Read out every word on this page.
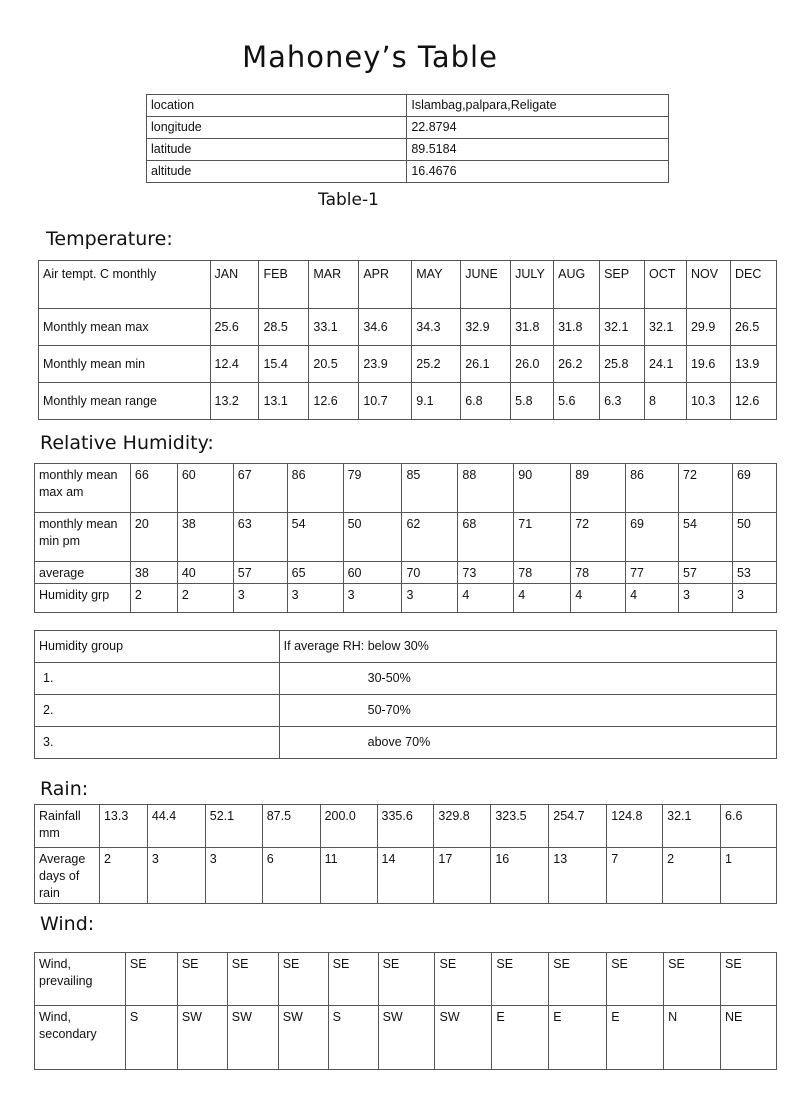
Mahoney’s Table
location	Islambag,palpara,Religate
longitude	22.8794
latitude	89.5184
altitude	16.4676
Table-1
Temperature:
Air tempt. C monthly	JAN	FEB	MAR	APR	MAY	JUNE	JULY	AUG	SEP	OCT	NOV	DEC
Monthly mean max	25.6	28.5	33.1	34.6	34.3	32.9	31.8	31.8	32.1	32.1	29.9	26.5
Monthly mean min	12.4	15.4	20.5	23.9	25.2	26.1	26.0	26.2	25.8	24.1	19.6	13.9
Monthly mean range	13.2	13.1	12.6	10.7	9.1	6.8	5.8	5.6	6.3	8	10.3	12.6
Relative Humidity:
monthly mean max am	66	60	67	86	79	85	88	90	89	86	72	69
monthly mean min pm	20	38	63	54	50	62	68	71	72	69	54	50
average	38	40	57	65	60	70	73	78	78	77	57	53
Humidity grp	2	2	3	3	3	3	4	4	4	4	3	3
Humidity group	If average RH: below 30%
1.	30-50%
2.	50-70%
3.	above 70%
Rain:
Rainfall mm	13.3	44.4	52.1	87.5	200.0	335.6	329.8	323.5	254.7	124.8	32.1	6.6
Average days of rain	2	3	3	6	11	14	17	16	13	7	2	1
Wind:
Wind, prevailing	SE	SE	SE	SE	SE	SE	SE	SE	SE	SE	SE	SE
Wind, secondary	S	SW	SW	SW	S	SW	SW	E	E	E	N	NE
